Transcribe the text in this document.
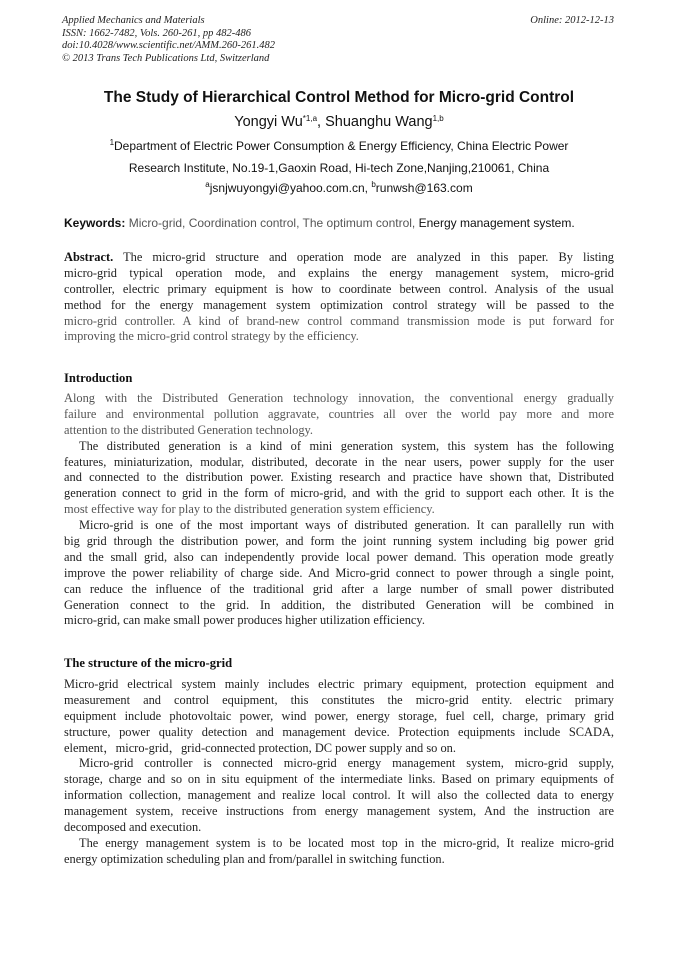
Applied Mechanics and Materials
ISSN: 1662-7482, Vols. 260-261, pp 482-486
doi:10.4028/www.scientific.net/AMM.260-261.482
© 2013 Trans Tech Publications Ltd, Switzerland
Online: 2012-12-13
The Study of Hierarchical Control Method for Micro-grid Control
Yongyi Wu$^{*1,a}$, Shuanghu Wang$^{1,b}$
$^1$Department of Electric Power Consumption & Energy Efficiency, China Electric Power
Research Institute, No.19-1,Gaoxin Road, Hi-tech Zone,Nanjing,210061, China
$^a$jsnjwuyongyi@yahoo.com.cn, $^b$runwsh@163.com
Keywords: Micro-grid, Coordination control, The optimum control, Energy management system.
Abstract. The micro-grid structure and operation mode are analyzed in this paper. By listing
micro-grid typical operation mode, and explains the energy management system, micro-grid
controller, electric primary equipment is how to coordinate between control. Analysis of the usual
method for the energy management system optimization control strategy will be passed to the
micro-grid controller. A kind of brand-new control command transmission mode is put forward for
improving the micro-grid control strategy by the efficiency.
Introduction
Along with the Distributed Generation technology innovation, the conventional energy gradually
failure and environmental pollution aggravate, countries all over the world pay more and more
attention to the distributed Generation technology.
The distributed generation is a kind of mini generation system, this system has the following
features, miniaturization, modular, distributed, decorate in the near users, power supply for the user
and connected to the distribution power. Existing research and practice have shown that, Distributed
generation connect to grid in the form of micro-grid, and with the grid to support each other. It is the
most effective way for play to the distributed generation system efficiency.
Micro-grid is one of the most important ways of distributed generation. It can parallelly run with
big grid through the distribution power, and form the joint running system including big power grid
and the small grid, also can independently provide local power demand. This operation mode greatly
improve the power reliability of charge side. And Micro-grid connect to power through a single point,
can reduce the influence of the traditional grid after a large number of small power distributed
Generation connect to the grid. In addition, the distributed Generation will be combined in
micro-grid, can make small power produces higher utilization efficiency.
The structure of the micro-grid
Micro-grid electrical system mainly includes electric primary equipment, protection equipment and
measurement and control equipment, this constitutes the micro-grid entity. electric primary
equipment include photovoltaic power, wind power, energy storage, fuel cell, charge, primary grid
structure, power quality detection and management device. Protection equipments include SCADA,
element，micro-grid，grid-connected protection, DC power supply and so on.
Micro-grid controller is connected micro-grid energy management system, micro-grid supply,
storage, charge and so on in situ equipment of the intermediate links. Based on primary equipments of
information collection, management and realize local control. It will also the collected data to energy
management system, receive instructions from energy management system, And the instruction are
decomposed and execution.
The energy management system is to be located most top in the micro-grid, It realize micro-grid
energy optimization scheduling plan and from/parallel in switching function.
